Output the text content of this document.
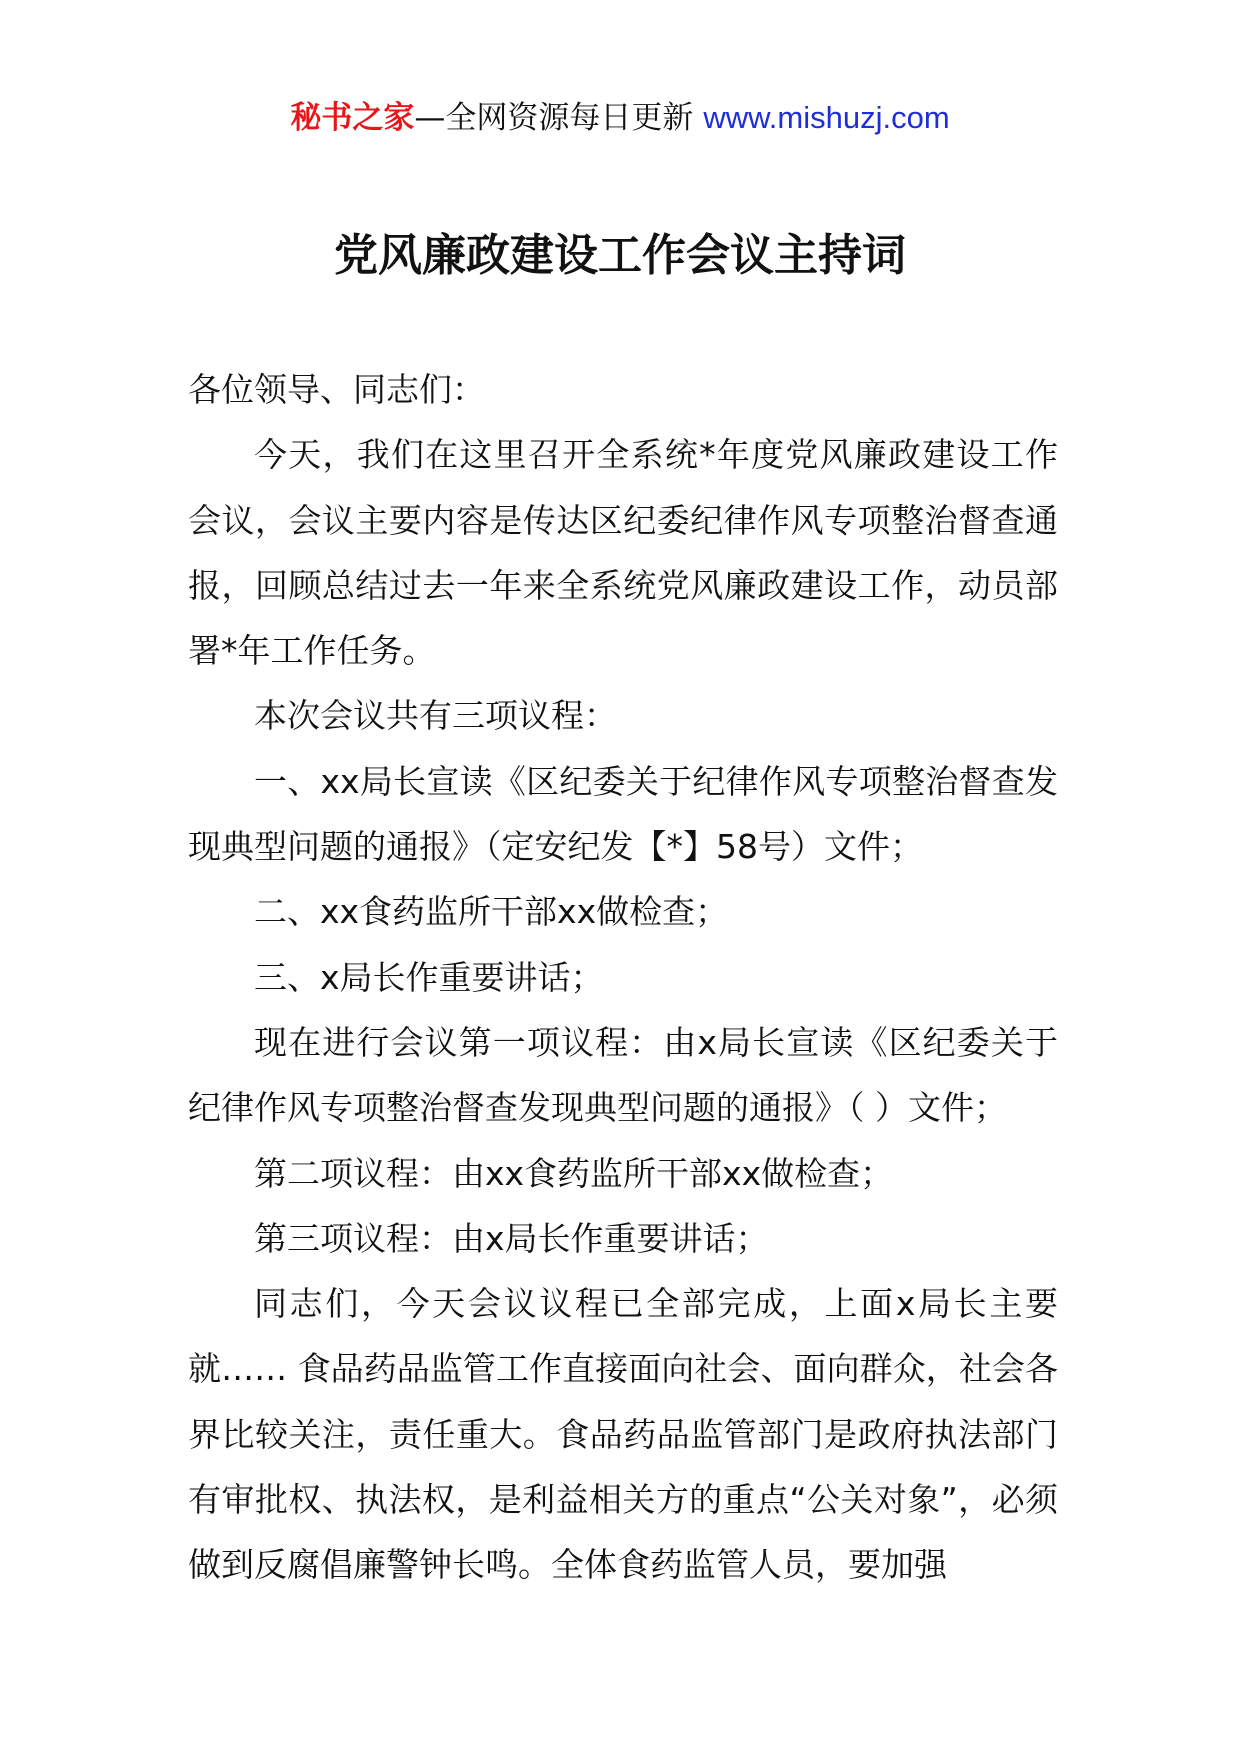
秘书之家—全网资源每日更新 www.mishuzj.com
党风廉政建设工作会议主持词

各位领导、同志们：

今天，我们在这里召开全系统*年度党风廉政建设工作会议，会议主要内容是传达区纪委纪律作风专项整治督查通报，回顾总结过去一年来全系统党风廉政建设工作，动员部署*年工作任务。

本次会议共有三项议程：

一、xx局长宣读《区纪委关于纪律作风专项整治督查发现典型问题的通报》（定安纪发【*】58号）文件；

二、xx食药监所干部xx做检查；

三、x局长作重要讲话；

现在进行会议第一项议程：由x局长宣读《区纪委关于纪律作风专项整治督查发现典型问题的通报》（ ）文件；

第二项议程：由xx食药监所干部xx做检查；

第三项议程：由x局长作重要讲话；

同志们，今天会议议程已全部完成，上面x局长主要就…… 食品药品监管工作直接面向社会、面向群众，社会各界比较关注，责任重大。食品药品监管部门是政府执法部门有审批权、执法权，是利益相关方的重点“公关对象”，必须做到反腐倡廉警钟长鸣。全体食药监管人员，要加强
